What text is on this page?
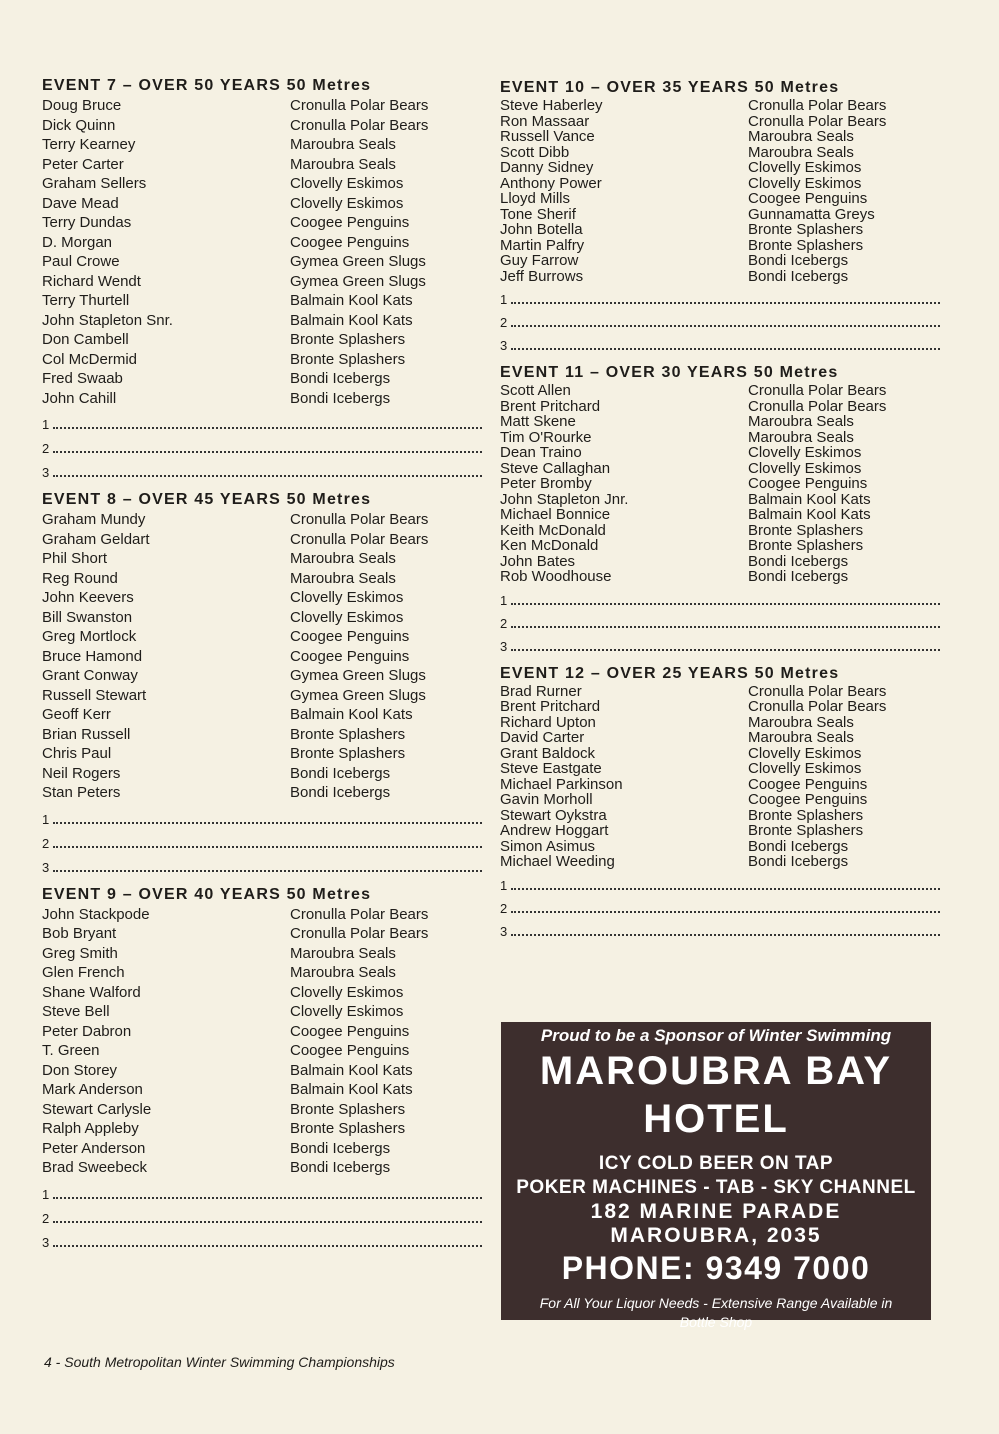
EVENT 7 – OVER 50 YEARS 50 Metres
Doug Bruce	Cronulla Polar Bears
Dick Quinn	Cronulla Polar Bears
Terry Kearney	Maroubra Seals
Peter Carter	Maroubra Seals
Graham Sellers	Clovelly Eskimos
Dave Mead	Clovelly Eskimos
Terry Dundas	Coogee Penguins
D. Morgan	Coogee Penguins
Paul Crowe	Gymea Green Slugs
Richard Wendt	Gymea Green Slugs
Terry Thurtell	Balmain Kool Kats
John Stapleton Snr.	Balmain Kool Kats
Don Cambell	Bronte Splashers
Col McDermid	Bronte Splashers
Fred Swaab	Bondi Icebergs
John Cahill	Bondi Icebergs
1
2
3
EVENT 8 – OVER 45 YEARS 50 Metres
Graham Mundy	Cronulla Polar Bears
Graham Geldart	Cronulla Polar Bears
Phil Short	Maroubra Seals
Reg Round	Maroubra Seals
John Keevers	Clovelly Eskimos
Bill Swanston	Clovelly Eskimos
Greg Mortlock	Coogee Penguins
Bruce Hamond	Coogee Penguins
Grant Conway	Gymea Green Slugs
Russell Stewart	Gymea Green Slugs
Geoff Kerr	Balmain Kool Kats
Brian Russell	Bronte Splashers
Chris Paul	Bronte Splashers
Neil Rogers	Bondi Icebergs
Stan Peters	Bondi Icebergs
1
2
3
EVENT 9 – OVER 40 YEARS 50 Metres
John Stackpode	Cronulla Polar Bears
Bob Bryant	Cronulla Polar Bears
Greg Smith	Maroubra Seals
Glen French	Maroubra Seals
Shane Walford	Clovelly Eskimos
Steve Bell	Clovelly Eskimos
Peter Dabron	Coogee Penguins
T. Green	Coogee Penguins
Don Storey	Balmain Kool Kats
Mark Anderson	Balmain Kool Kats
Stewart Carlysle	Bronte Splashers
Ralph Appleby	Bronte Splashers
Peter Anderson	Bondi Icebergs
Brad Sweebeck	Bondi Icebergs
1
2
3
EVENT 10 – OVER 35 YEARS 50 Metres
Steve Haberley	Cronulla Polar Bears
Ron Massaar	Cronulla Polar Bears
Russell Vance	Maroubra Seals
Scott Dibb	Maroubra Seals
Danny Sidney	Clovelly Eskimos
Anthony Power	Clovelly Eskimos
Lloyd Mills	Coogee Penguins
Tone Sherif	Gunnamatta Greys
John Botella	Bronte Splashers
Martin Palfry	Bronte Splashers
Guy Farrow	Bondi Icebergs
Jeff Burrows	Bondi Icebergs
1
2
3
EVENT 11 – OVER 30 YEARS 50 Metres
Scott Allen	Cronulla Polar Bears
Brent Pritchard	Cronulla Polar Bears
Matt Skene	Maroubra Seals
Tim O'Rourke	Maroubra Seals
Dean Traino	Clovelly Eskimos
Steve Callaghan	Clovelly Eskimos
Peter Bromby	Coogee Penguins
John Stapleton Jnr.	Balmain Kool Kats
Michael Bonnice	Balmain Kool Kats
Keith McDonald	Bronte Splashers
Ken McDonald	Bronte Splashers
John Bates	Bondi Icebergs
Rob Woodhouse	Bondi Icebergs
1
2
3
EVENT 12 – OVER 25 YEARS 50 Metres
Brad Rurner	Cronulla Polar Bears
Brent Pritchard	Cronulla Polar Bears
Richard Upton	Maroubra Seals
David Carter	Maroubra Seals
Grant Baldock	Clovelly Eskimos
Steve Eastgate	Clovelly Eskimos
Michael Parkinson	Coogee Penguins
Gavin Morholl	Coogee Penguins
Stewart Oykstra	Bronte Splashers
Andrew Hoggart	Bronte Splashers
Simon Asimus	Bondi Icebergs
Michael Weeding	Bondi Icebergs
1
2
3
Proud to be a Sponsor of Winter Swimming
MAROUBRA BAY
HOTEL
ICY COLD BEER ON TAP
POKER MACHINES - TAB - SKY CHANNEL
182 MARINE PARADE
MAROUBRA, 2035
PHONE: 9349 7000
For All Your Liquor Needs - Extensive Range Available in Bottle Shop
4 - South Metropolitan Winter Swimming Championships
